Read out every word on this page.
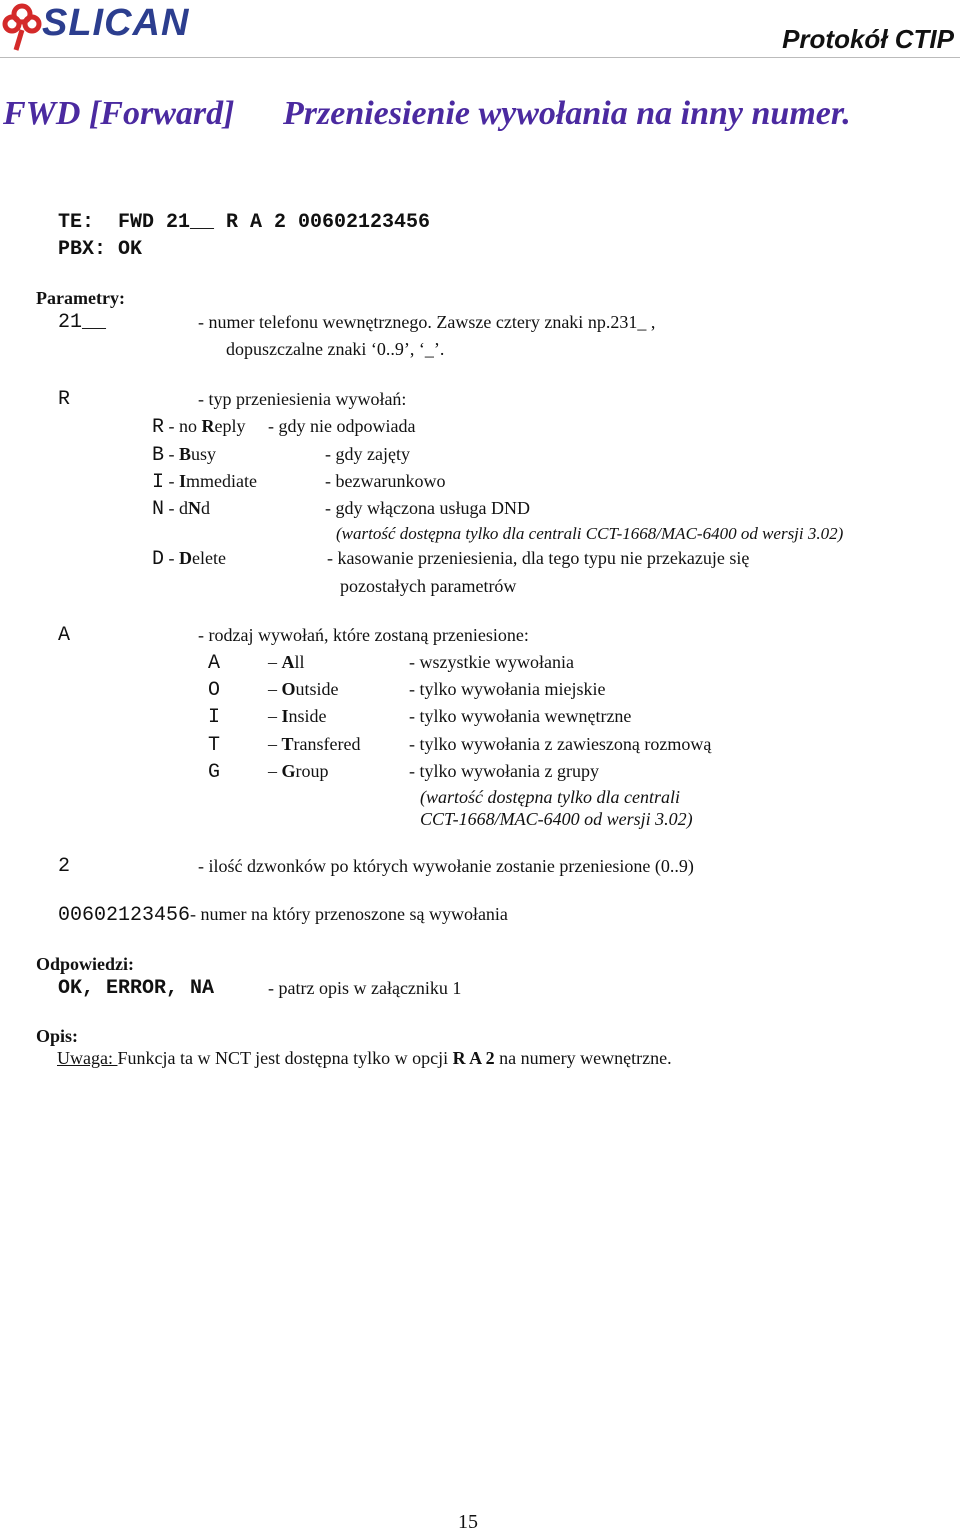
SLICAN	Protokół CTIP
FWD [Forward] Przeniesienie wywołania na inny numer.
TE:  FWD 21__ R A 2 00602123456
PBX: OK
Parametry:
21__	- numer telefonu wewnętrznego. Zawsze cztery znaki np.231_ ,
dopuszczalne znaki ‘0..9’, ‘_’.
R	- typ przeniesienia wywołań:
R - no Reply - gdy nie odpowiada
B - Busy	- gdy zajęty
I - Immediate	- bezwarunkowo
N - dNd	- gdy włączona usługa DND
(wartość dostępna tylko dla centrali CCT-1668/MAC-6400 od wersji 3.02)
D - Delete	- kasowanie przeniesienia, dla tego typu nie przekazuje się
pozostałych parametrów
A	- rodzaj wywołań, które zostaną przeniesione:
A	– All	- wszystkie wywołania
O	– Outside	- tylko wywołania miejskie
I	– Inside	- tylko wywołania wewnętrzne
T	– Transfered	- tylko wywołania z zawieszoną rozmową
G	– Group	- tylko wywołania z grupy
(wartość dostępna tylko dla centrali
CCT-1668/MAC-6400 od wersji 3.02)
2	- ilość dzwonków po których wywołanie zostanie przeniesione (0..9)
00602123456- numer na który przenoszone są wywołania
Odpowiedzi:
OK, ERROR, NA	- patrz opis w załączniku 1
Opis:
Uwaga: Funkcja ta w NCT jest dostępna tylko w opcji R A 2 na numery wewnętrzne.
15
